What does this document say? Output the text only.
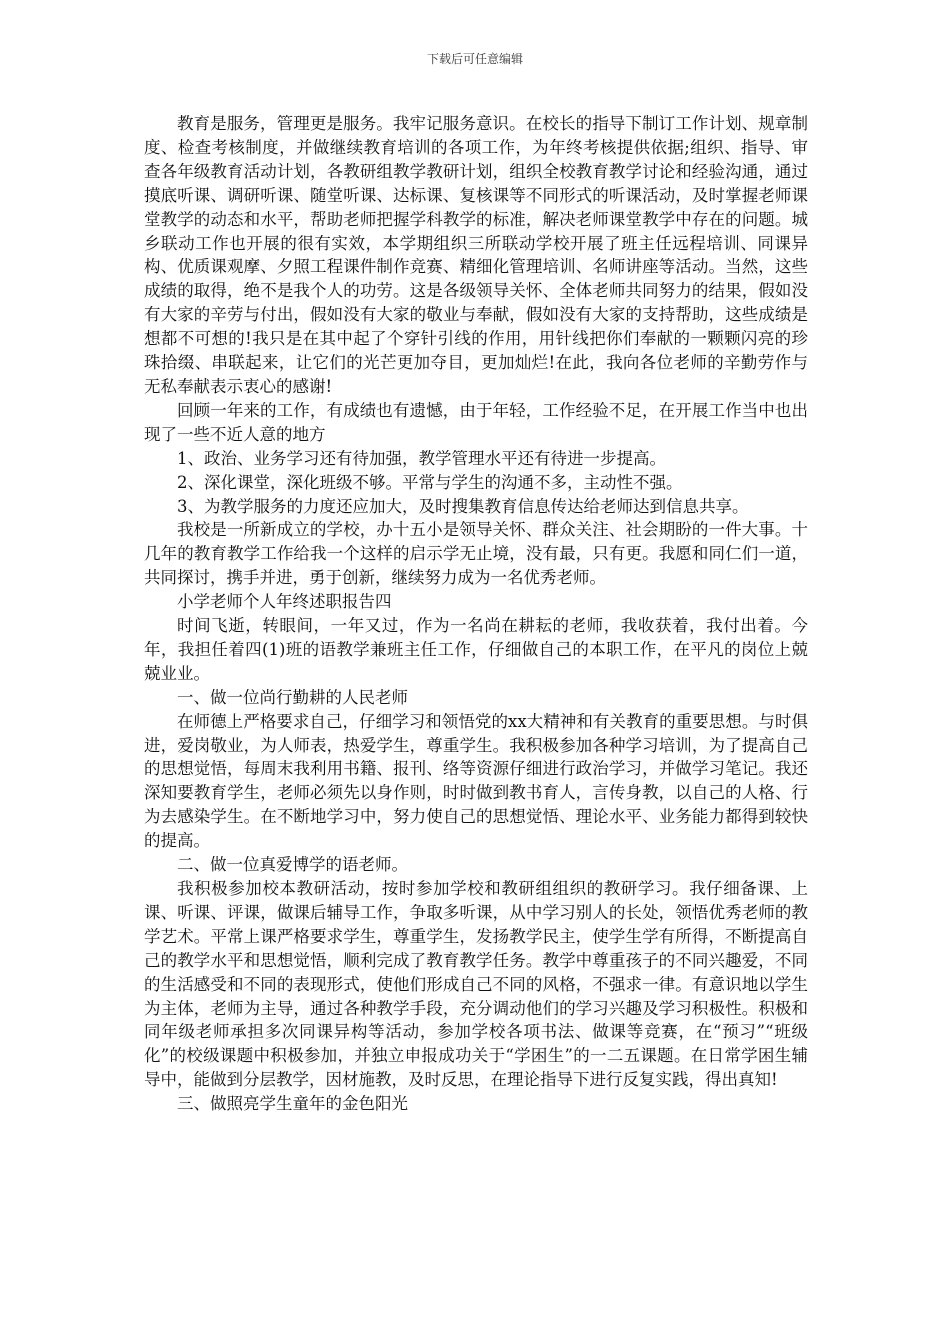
下载后可任意编辑

教育是服务，管理更是服务。我牢记服务意识。在校长的指导下制订工作计划、规章制度、检查考核制度，并做继续教育培训的各项工作，为年终考核提供依据;组织、指导、审查各年级教育活动计划，各教研组教学教研计划，组织全校教育教学讨论和经验沟通，通过摸底听课、调研听课、随堂听课、达标课、复核课等不同形式的听课活动，及时掌握老师课堂教学的动态和水平，帮助老师把握学科教学的标准，解决老师课堂教学中存在的问题。城乡联动工作也开展的很有实效，本学期组织三所联动学校开展了班主任远程培训、同课异构、优质课观摩、夕照工程课件制作竞赛、精细化管理培训、名师讲座等活动。当然，这些成绩的取得，绝不是我个人的功劳。这是各级领导关怀、全体老师共同努力的结果，假如没有大家的辛劳与付出，假如没有大家的敬业与奉献，假如没有大家的支持帮助，这些成绩是想都不可想的!我只是在其中起了个穿针引线的作用，用针线把你们奉献的一颗颗闪亮的珍珠拾缀、串联起来，让它们的光芒更加夺目，更加灿烂!在此，我向各位老师的辛勤劳作与无私奉献表示衷心的感谢!

回顾一年来的工作，有成绩也有遗憾，由于年轻，工作经验不足，在开展工作当中也出现了一些不近人意的地方

1、政治、业务学习还有待加强，教学管理水平还有待进一步提高。

2、深化课堂，深化班级不够。平常与学生的沟通不多，主动性不强。

3、为教学服务的力度还应加大，及时搜集教育信息传达给老师达到信息共享。

我校是一所新成立的学校，办十五小是领导关怀、群众关注、社会期盼的一件大事。十几年的教育教学工作给我一个这样的启示学无止境，没有最，只有更。我愿和同仁们一道，共同探讨，携手并进，勇于创新，继续努力成为一名优秀老师。

小学老师个人年终述职报告四

时间飞逝，转眼间，一年又过，作为一名尚在耕耘的老师，我收获着，我付出着。今年，我担任着四(1)班的语教学兼班主任工作，仔细做自己的本职工作，在平凡的岗位上兢兢业业。

一、做一位尚行勤耕的人民老师

在师德上严格要求自己，仔细学习和领悟党的xx大精神和有关教育的重要思想。与时俱进，爱岗敬业，为人师表，热爱学生，尊重学生。我积极参加各种学习培训，为了提高自己的思想觉悟，每周末我利用书籍、报刊、络等资源仔细进行政治学习，并做学习笔记。我还深知要教育学生，老师必须先以身作则，时时做到教书育人，言传身教，以自己的人格、行为去感染学生。在不断地学习中，努力使自己的思想觉悟、理论水平、业务能力都得到较快的提高。

二、做一位真爱博学的语老师。

我积极参加校本教研活动，按时参加学校和教研组组织的教研学习。我仔细备课、上课、听课、评课，做课后辅导工作，争取多听课，从中学习别人的长处，领悟优秀老师的教学艺术。平常上课严格要求学生，尊重学生，发扬教学民主，使学生学有所得，不断提高自己的教学水平和思想觉悟，顺利完成了教育教学任务。教学中尊重孩子的不同兴趣爱，不同的生活感受和不同的表现形式，使他们形成自己不同的风格，不强求一律。有意识地以学生为主体，老师为主导，通过各种教学手段，充分调动他们的学习兴趣及学习积极性。积极和同年级老师承担多次同课异构等活动，参加学校各项书法、做课等竞赛，在“预习”“班级化”的校级课题中积极参加，并独立申报成功关于“学困生”的一二五课题。在日常学困生辅导中，能做到分层教学，因材施教，及时反思，在理论指导下进行反复实践，得出真知!

三、做照亮学生童年的金色阳光
